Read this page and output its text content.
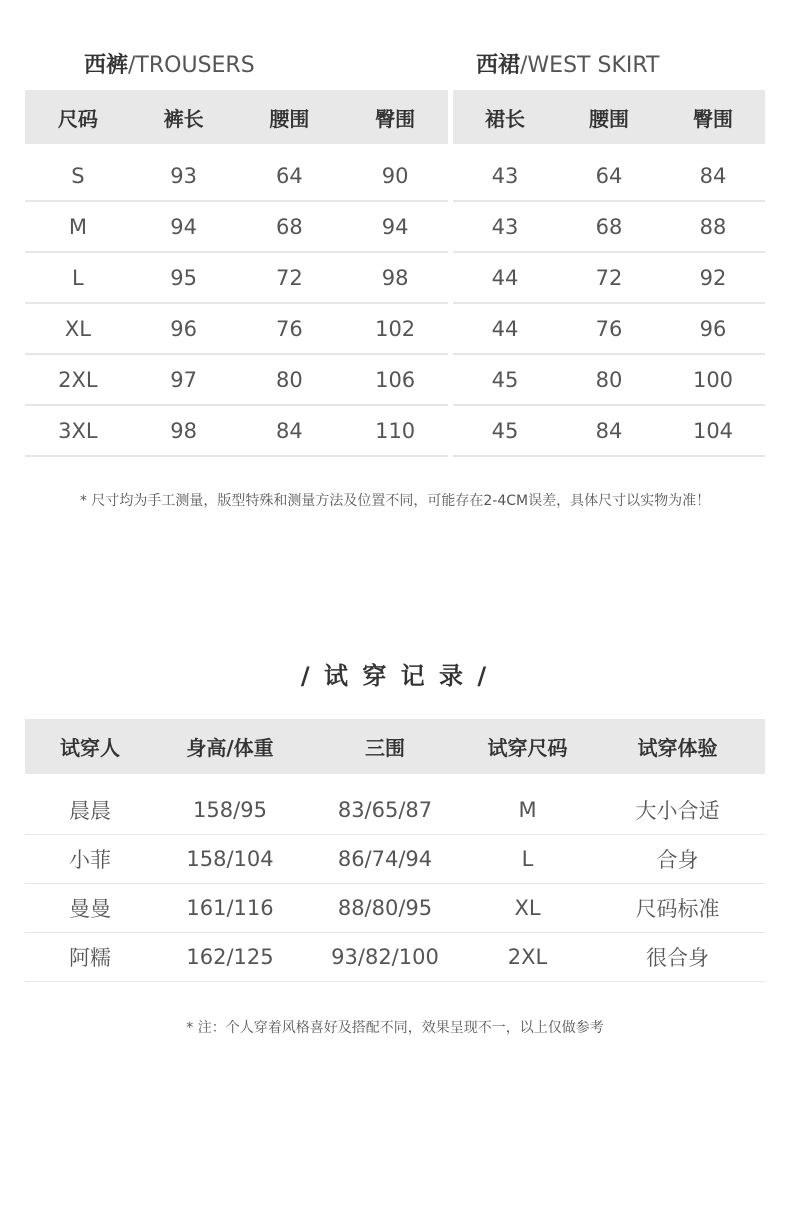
西裤/TROUSERS	西裙/WEST SKIRT
尺码	裤长	腰围	臀围

S	93	64	90
M	94	68	94
L	95	72	98
XL	96	76	102
2XL	97	80	106
3XL	98	84	110
裙长	腰围	臀围

43	64	84
43	68	88
44	72	92
44	76	96
45	80	100
45	84	104
* 尺寸均为手工测量，版型特殊和测量方法及位置不同，可能存在2-4CM误差，具体尺寸以实物为准！
/ 试 穿 记 录 /
试穿人	身高/体重	三围	试穿尺码	试穿体验

晨晨	158/95	83/65/87	M	大小合适
小菲	158/104	86/74/94	L	合身
曼曼	161/116	88/80/95	XL	尺码标准
阿糯	162/125	93/82/100	2XL	很合身
* 注：个人穿着风格喜好及搭配不同，效果呈现不一，以上仅做参考
